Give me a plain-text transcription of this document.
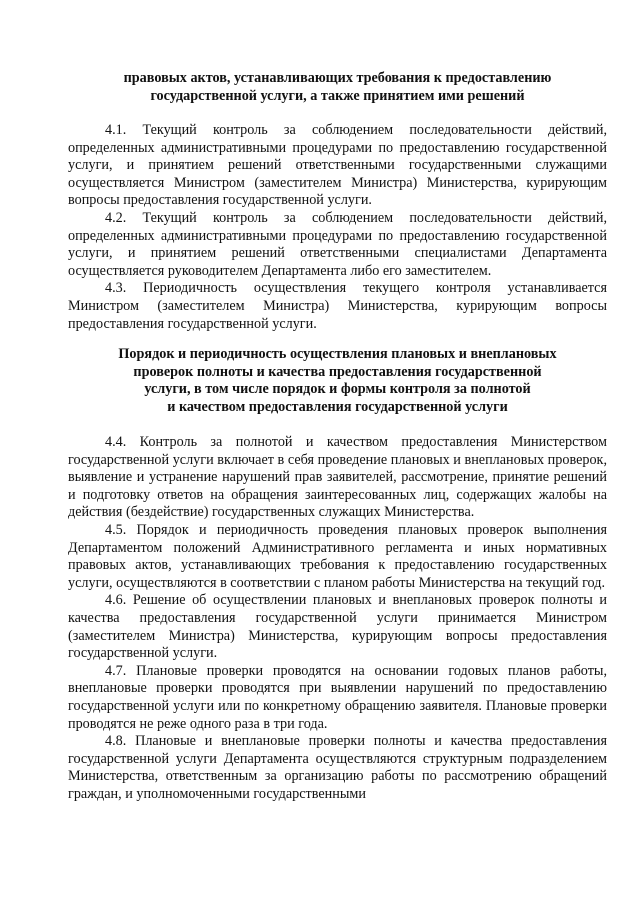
правовых актов, устанавливающих требования к предоставлению
государственной услуги, а также принятием ими решений

4.1. Текущий контроль за соблюдением последовательности действий, определенных административными процедурами по предоставлению государственной услуги, и принятием решений ответственными государственными служащими осуществляется Министром (заместителем Министра) Министерства, курирующим вопросы предоставления государственной услуги.

4.2. Текущий контроль за соблюдением последовательности действий, определенных административными процедурами по предоставлению государственной услуги, и принятием решений ответственными специалистами Департамента осуществляется руководителем Департамента либо его заместителем.

4.3. Периодичность осуществления текущего контроля устанавливается Министром (заместителем Министра) Министерства, курирующим вопросы предоставления государственной услуги.

Порядок и периодичность осуществления плановых и внеплановых
проверок полноты и качества предоставления государственной
услуги, в том числе порядок и формы контроля за полнотой
и качеством предоставления государственной услуги

4.4. Контроль за полнотой и качеством предоставления Министерством государственной услуги включает в себя проведение плановых и внеплановых проверок, выявление и устранение нарушений прав заявителей, рассмотрение, принятие решений и подготовку ответов на обращения заинтересованных лиц, содержащих жалобы на действия (бездействие) государственных служащих Министерства.

4.5. Порядок и периодичность проведения плановых проверок выполнения Департаментом положений Административного регламента и иных нормативных правовых актов, устанавливающих требования к предоставлению государственных услуги, осуществляются в соответствии с планом работы Министерства на текущий год.

4.6. Решение об осуществлении плановых и внеплановых проверок полноты и качества предоставления государственной услуги принимается Министром (заместителем Министра) Министерства, курирующим вопросы предоставления государственной услуги.

4.7. Плановые проверки проводятся на основании годовых планов работы, внеплановые проверки проводятся при выявлении нарушений по предоставлению государственной услуги или по конкретному обращению заявителя. Плановые проверки проводятся не реже одного раза в три года.

4.8. Плановые и внеплановые проверки полноты и качества предоставления государственной услуги Департамента осуществляются структурным подразделением Министерства, ответственным за организацию работы по рассмотрению обращений граждан, и уполномоченными государственными
